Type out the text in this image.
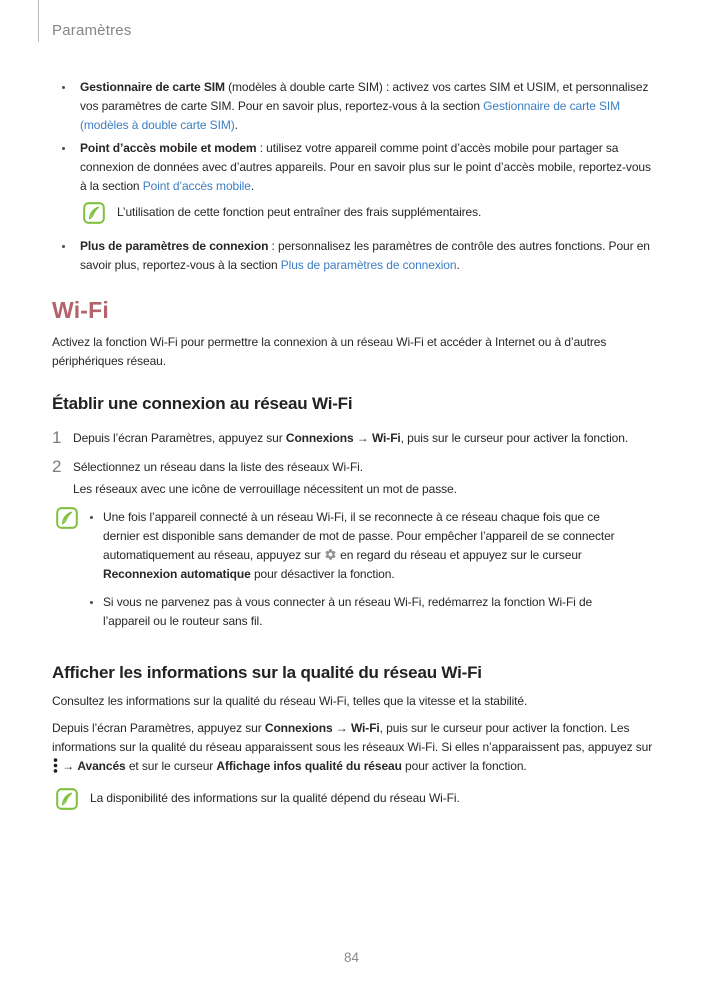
Paramètres
Gestionnaire de carte SIM (modèles à double carte SIM) : activez vos cartes SIM et USIM, et personnalisez vos paramètres de carte SIM. Pour en savoir plus, reportez-vous à la section Gestionnaire de carte SIM (modèles à double carte SIM).
Point d’accès mobile et modem : utilisez votre appareil comme point d’accès mobile pour partager sa connexion de données avec d’autres appareils. Pour en savoir plus sur le point d’accès mobile, reportez-vous à la section Point d’accès mobile.
L’utilisation de cette fonction peut entraîner des frais supplémentaires.
Plus de paramètres de connexion : personnalisez les paramètres de contrôle des autres fonctions. Pour en savoir plus, reportez-vous à la section Plus de paramètres de connexion.
Wi-Fi

Activez la fonction Wi-Fi pour permettre la connexion à un réseau Wi-Fi et accéder à Internet ou à d’autres périphériques réseau.

Établir une connexion au réseau Wi-Fi
1 Depuis l’écran Paramètres, appuyez sur Connexions → Wi-Fi, puis sur le curseur pour activer la fonction.
2 Sélectionnez un réseau dans la liste des réseaux Wi-Fi.
Les réseaux avec une icône de verrouillage nécessitent un mot de passe.
Une fois l’appareil connecté à un réseau Wi-Fi, il se reconnecte à ce réseau chaque fois que ce dernier est disponible sans demander de mot de passe. Pour empêcher l’appareil de se connecter automatiquement au réseau, appuyez sur  en regard du réseau et appuyez sur le curseur Reconnexion automatique pour désactiver la fonction.
Si vous ne parvenez pas à vous connecter à un réseau Wi-Fi, redémarrez la fonction Wi-Fi de l’appareil ou le routeur sans fil.
Afficher les informations sur la qualité du réseau Wi-Fi

Consultez les informations sur la qualité du réseau Wi-Fi, telles que la vitesse et la stabilité.

Depuis l’écran Paramètres, appuyez sur Connexions → Wi-Fi, puis sur le curseur pour activer la fonction. Les informations sur la qualité du réseau apparaissent sous les réseaux Wi-Fi. Si elles n’apparaissent pas, appuyez sur  → Avancés et sur le curseur Affichage infos qualité du réseau pour activer la fonction.

La disponibilité des informations sur la qualité dépend du réseau Wi-Fi.
84
